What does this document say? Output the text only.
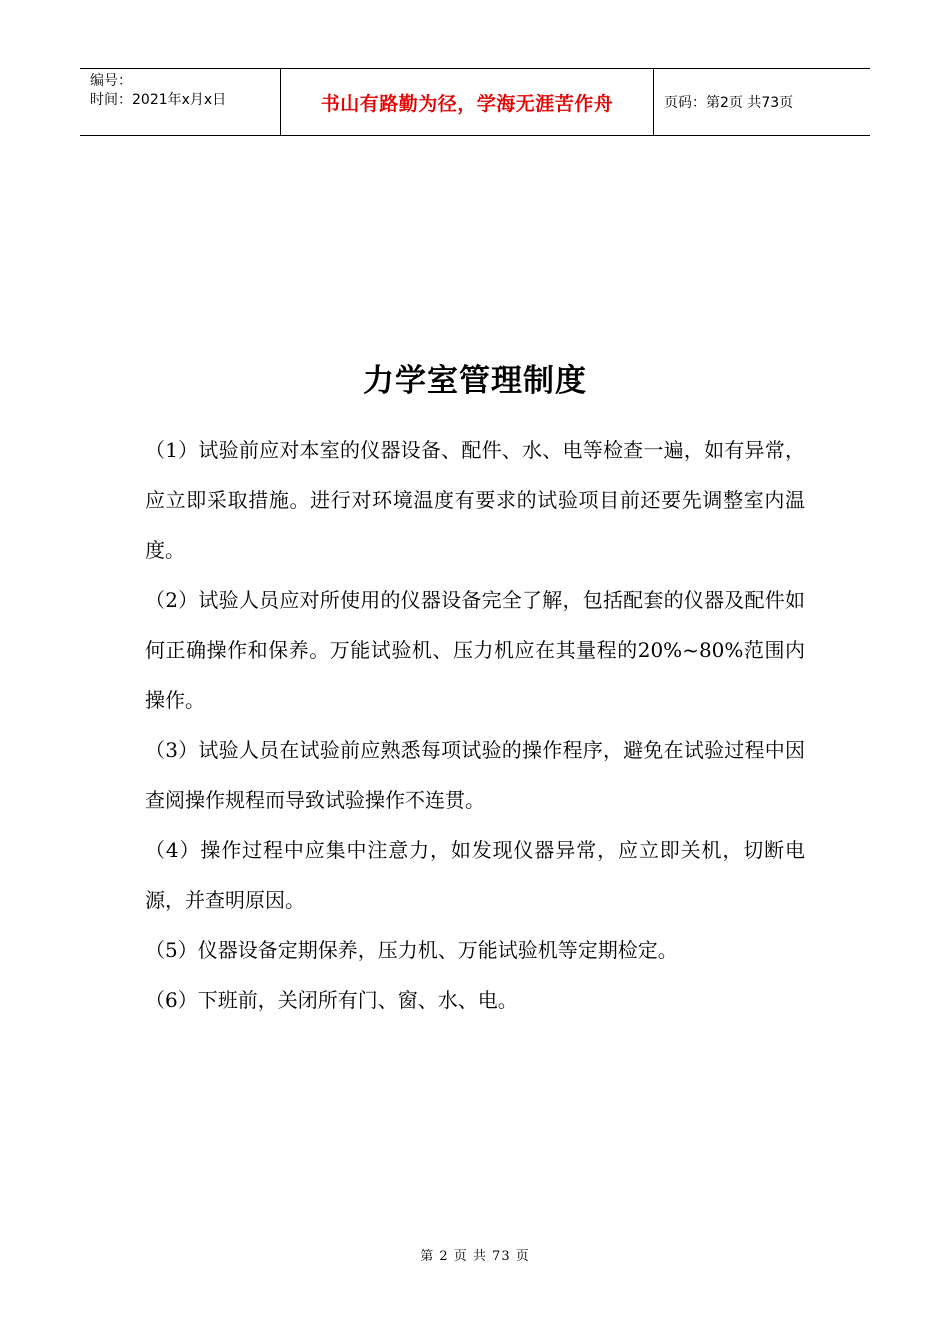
编号：
时间：2021年x月x日	书山有路勤为径，学海无涯苦作舟	页码：第2页 共73页
力学室管理制度

（1）试验前应对本室的仪器设备、配件、水、电等检查一遍，如有异常，应立即采取措施。进行对环境温度有要求的试验项目前还要先调整室内温度。

（2）试验人员应对所使用的仪器设备完全了解，包括配套的仪器及配件如何正确操作和保养。万能试验机、压力机应在其量程的20%~80%范围内操作。

（3）试验人员在试验前应熟悉每项试验的操作程序，避免在试验过程中因查阅操作规程而导致试验操作不连贯。

（4）操作过程中应集中注意力，如发现仪器异常，应立即关机，切断电源，并查明原因。

（5）仪器设备定期保养，压力机、万能试验机等定期检定。

（6）下班前，关闭所有门、窗、水、电。

第 2 页 共 73 页
